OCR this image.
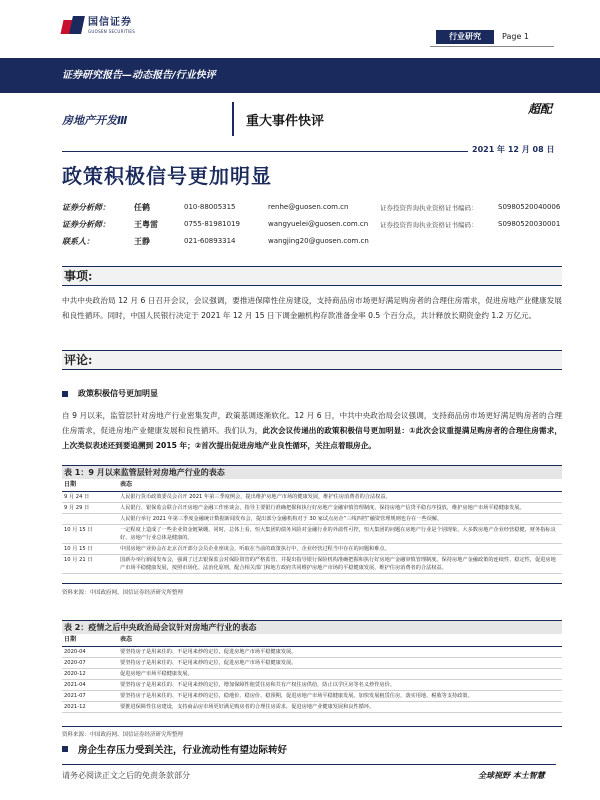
国信证券
GUOSEN SECURITIES
行业研究	Page 1
证券研究报告—动态报告/行业快评
房地产开发Ⅲ	重大事件快评
超配
2021 年 12 月 08 日
政策积极信号更加明显
证券分析师：	任鹤	010-88005315	renhe@guosen.com.cn	证券投资咨询执业资格证书编码：	S0980520040006
证券分析师：	王粤雷	0755-81981019	wangyuelei@guosen.com.cn 证券投资咨询执业资格证书编码：	S0980520030001
联系人：	王静	021-60893314	wangjing20@guosen.com.cn
事项:
中共中央政治局 12 月 6 日召开会议，会议强调，要推进保障性住房建设，支持商品房市场更好满足购房者的合理住房需求，促进房地产业健康发展和良性循环。同时，中国人民银行决定于 2021 年 12 月 15 日下调金融机构存款准备金率 0.5 个百分点，共计释放长期资金约 1.2 万亿元。
评论:
政策积极信号更加明显
自 9 月以来，监管层针对房地产行业密集发声，政策基调逐渐软化。12 月 6 日，中共中央政治局会议强调，支持商品房市场更好满足购房者的合理住房需求，促进房地产业健康发展和良性循环。我们认为，此次会议传递出的政策积极信号更加明显：①此次会议重提满足购房者的合理住房需求，上次类似表述还到要追溯到 2015 年；②首次提出促进房地产业良性循环，关注点着眼房企。
表 1：9 月以来监管层针对房地产行业的表态
日期	表态
9 月 24 日	人民银行货币政策委员会召开 2021 年第三季度例会，提出维护房地产市场的健康发展，维护住房消费者的合法权益。
9 月 29 日	人民银行、银保监会联合召开房地产金融工作座谈会，指导主要银行准确把握和执行好房地产金融审慎管理制度，保持房地产信贷平稳有序投放，维护房地产市场平稳健康发展。
	人民银行举行 2021 年第三季度金融统计数据新闻发布会，提出部分金融机构对于 30 家试点房企“三线四档”融资管理规则也存在一些误解，
10 月 15 日	一定程度上造成了一些企业资金链紧绷，同时，总体上看，恒大集团的债务风险对金融行业的外溢性可控，恒大集团的问题在房地产行业是个别现象，大多数房地产企业经营稳健，财务指标良好，房地产行业总体是健康的。
10 月 15 日	中国房地产业协会在北京召开部分会员企业座谈会，听取在当前的政策执行中，企业经营过程当中存在的问题和难点。
10 月 21 日	国新办举行新闻发布会，强调了过去银保监会对保险资管的严格监管，并提出指导银行保险机构准确把握和执行好房地产金融审慎管理制度。保持房地产金融政策的连续性、稳定性，促进房地产市场平稳健康发展，按照市场化、法治化原则，配合相关部门和地方政府共同维护房地产市场的平稳健康发展，维护住房消费者的合法权益。
资料来源：中国政府网、国信证券经济研究所整理
表 2：疫情之后中央政治局会议针对房地产行业的表态
日期	表态
2020-04	要坚持房子是用来住的、不是用来炒的定位，促进房地产市场平稳健康发展。
2020-07	要坚持房子是用来住的、不是用来炒的定位，促进房地产市场平稳健康发展。
2020-12	促进房地产市场平稳健康发展。
2021-04	要坚持房子是用来住的、不是用来炒的定位，增加保障性租赁住房和共有产权住房供给，防止以学区房等名义炒作房价。
2021-07	要坚持房子是用来住的、不是用来炒的定位，稳地价、稳房价、稳预期，促进房地产市场平稳健康发展。加快发展租赁住房，落实用地、税收等支持政策。
2021-12	要推进保障性住房建设，支持商品房市场更好满足购房者的合理住房需求，促进房地产业健康发展和良性循环。
资料来源：中国政府网、国信证券经济研究所整理
房企生存压力受到关注，行业流动性有望边际转好
请务必阅读正文之后的免责条款部分	全球视野 本土智慧
